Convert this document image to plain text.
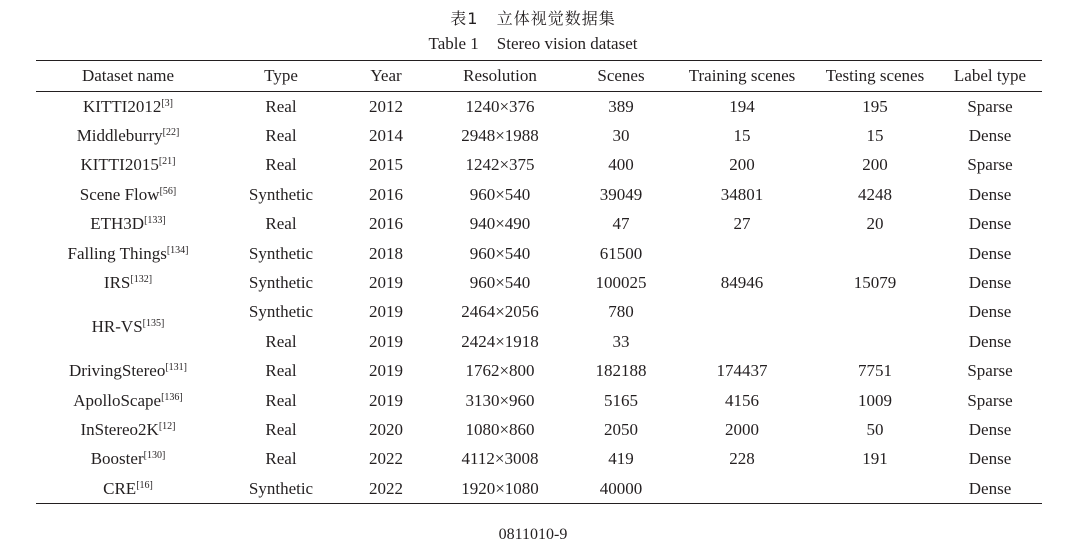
表1 立体视觉数据集
Table 1 Stereo vision dataset
Dataset name	Type	Year	Resolution	Scenes	Training scenes	Testing scenes	Label type
KITTI2012[3]	Real	2012	1240×376	389	194	195	Sparse
Middleburry[22]	Real	2014	2948×1988	30	15	15	Dense
KITTI2015[21]	Real	2015	1242×375	400	200	200	Sparse
Scene Flow[56]	Synthetic	2016	960×540	39049	34801	4248	Dense
ETH3D[133]	Real	2016	940×490	47	27	20	Dense
Falling Things[134]	Synthetic	2018	960×540	61500			Dense
IRS[132]	Synthetic	2019	960×540	100025	84946	15079	Dense
HR-VS[135]	Synthetic	2019	2464×2056	780			Dense
	Real	2019	2424×1918	33			Dense
DrivingStereo[131]	Real	2019	1762×800	182188	174437	7751	Sparse
ApolloScape[136]	Real	2019	3130×960	5165	4156	1009	Sparse
InStereo2K[12]	Real	2020	1080×860	2050	2000	50	Dense
Booster[130]	Real	2022	4112×3008	419	228	191	Dense
CRE[16]	Synthetic	2022	1920×1080	40000			Dense
0811010-9
